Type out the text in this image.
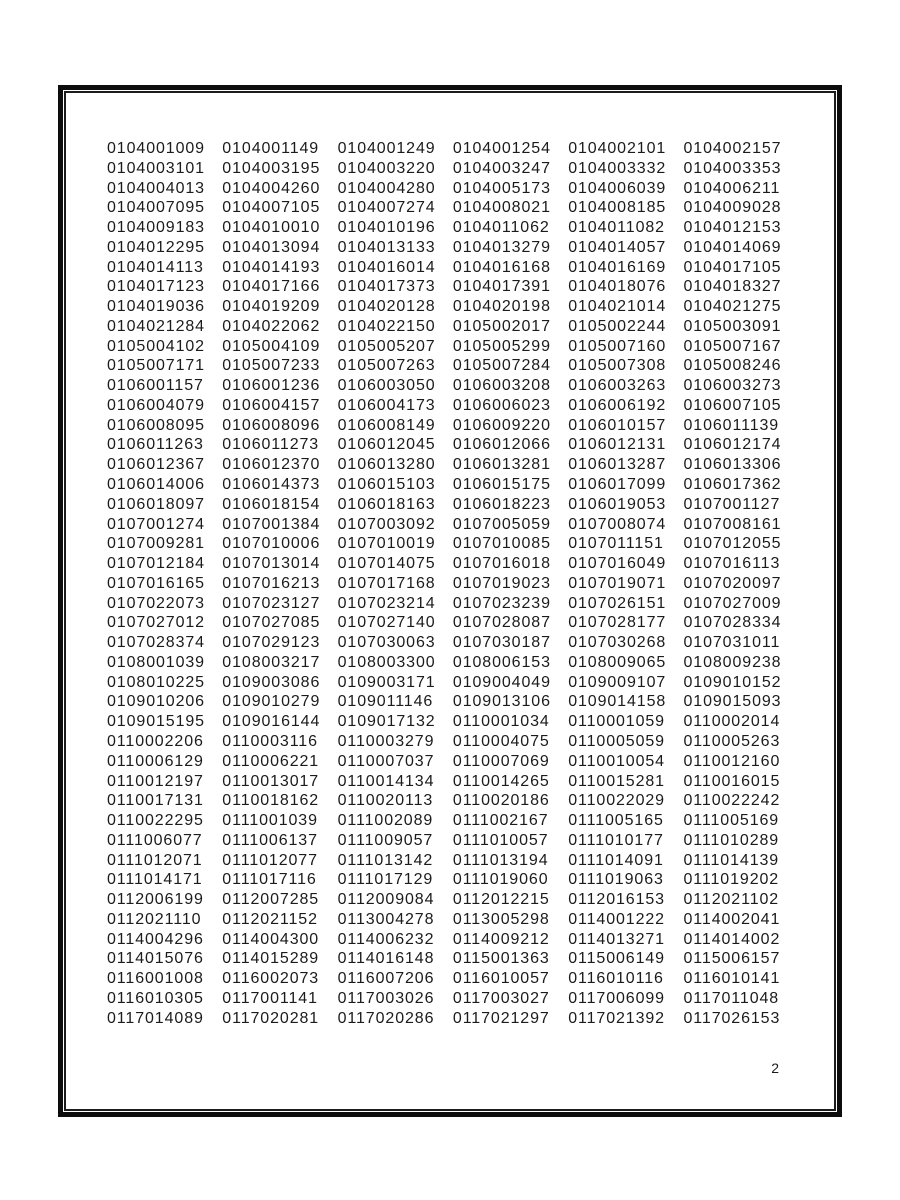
0104001009	0104001149	0104001249	0104001254	0104002101	0104002157
0104003101	0104003195	0104003220	0104003247	0104003332	0104003353
0104004013	0104004260	0104004280	0104005173	0104006039	0104006211
0104007095	0104007105	0104007274	0104008021	0104008185	0104009028
0104009183	0104010010	0104010196	0104011062	0104011082	0104012153
0104012295	0104013094	0104013133	0104013279	0104014057	0104014069
0104014113	0104014193	0104016014	0104016168	0104016169	0104017105
0104017123	0104017166	0104017373	0104017391	0104018076	0104018327
0104019036	0104019209	0104020128	0104020198	0104021014	0104021275
0104021284	0104022062	0104022150	0105002017	0105002244	0105003091
0105004102	0105004109	0105005207	0105005299	0105007160	0105007167
0105007171	0105007233	0105007263	0105007284	0105007308	0105008246
0106001157	0106001236	0106003050	0106003208	0106003263	0106003273
0106004079	0106004157	0106004173	0106006023	0106006192	0106007105
0106008095	0106008096	0106008149	0106009220	0106010157	0106011139
0106011263	0106011273	0106012045	0106012066	0106012131	0106012174
0106012367	0106012370	0106013280	0106013281	0106013287	0106013306
0106014006	0106014373	0106015103	0106015175	0106017099	0106017362
0106018097	0106018154	0106018163	0106018223	0106019053	0107001127
0107001274	0107001384	0107003092	0107005059	0107008074	0107008161
0107009281	0107010006	0107010019	0107010085	0107011151	0107012055
0107012184	0107013014	0107014075	0107016018	0107016049	0107016113
0107016165	0107016213	0107017168	0107019023	0107019071	0107020097
0107022073	0107023127	0107023214	0107023239	0107026151	0107027009
0107027012	0107027085	0107027140	0107028087	0107028177	0107028334
0107028374	0107029123	0107030063	0107030187	0107030268	0107031011
0108001039	0108003217	0108003300	0108006153	0108009065	0108009238
0108010225	0109003086	0109003171	0109004049	0109009107	0109010152
0109010206	0109010279	0109011146	0109013106	0109014158	0109015093
0109015195	0109016144	0109017132	0110001034	0110001059	0110002014
0110002206	0110003116	0110003279	0110004075	0110005059	0110005263
0110006129	0110006221	0110007037	0110007069	0110010054	0110012160
0110012197	0110013017	0110014134	0110014265	0110015281	0110016015
0110017131	0110018162	0110020113	0110020186	0110022029	0110022242
0110022295	0111001039	0111002089	0111002167	0111005165	0111005169
0111006077	0111006137	0111009057	0111010057	0111010177	0111010289
0111012071	0111012077	0111013142	0111013194	0111014091	0111014139
0111014171	0111017116	0111017129	0111019060	0111019063	0111019202
0112006199	0112007285	0112009084	0112012215	0112016153	0112021102
0112021110	0112021152	0113004278	0113005298	0114001222	0114002041
0114004296	0114004300	0114006232	0114009212	0114013271	0114014002
0114015076	0114015289	0114016148	0115001363	0115006149	0115006157
0116001008	0116002073	0116007206	0116010057	0116010116	0116010141
0116010305	0117001141	0117003026	0117003027	0117006099	0117011048
0117014089	0117020281	0117020286	0117021297	0117021392	0117026153
2
